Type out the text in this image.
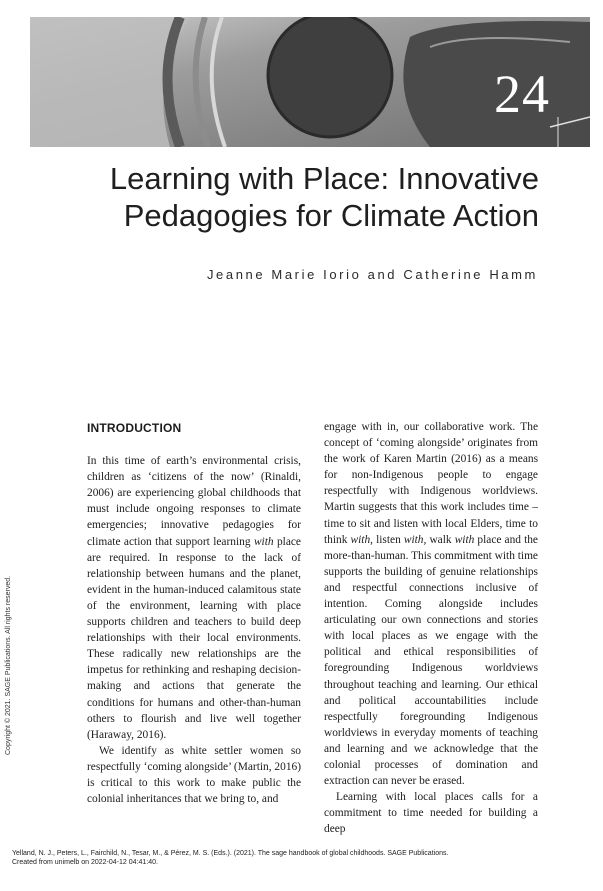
24
Learning with Place: Innovative
Pedagogies for Climate Action
Jeanne Marie Iorio and Catherine Hamm
INTRODUCTION

In this time of earth’s environmental crisis, children as ‘citizens of the now’ (Rinaldi, 2006) are experiencing global childhoods that must include ongoing responses to climate emergencies; innovative pedagogies for climate action that support learning with place are required. In response to the lack of relationship between humans and the planet, evident in the human-induced calamitous state of the environment, learning with place supports children and teachers to build deep relationships with their local environments. These radically new relationships are the impetus for rethinking and reshaping decision-making and actions that generate the conditions for humans and other-than-human others to flourish and live well together (Haraway, 2016).

We identify as white settler women so respectfully ‘coming alongside’ (Martin, 2016) is critical to this work to make public the colonial inheritances that we bring to, and

engage with in, our collaborative work. The concept of ‘coming alongside’ originates from the work of Karen Martin (2016) as a means for non-Indigenous people to engage respectfully with Indigenous worldviews. Martin suggests that this work includes time – time to sit and listen with local Elders, time to think with, listen with, walk with place and the more-than-human. This commitment with time supports the building of genuine relationships and respectful connections inclusive of intention. Coming alongside includes articulating our own connections and stories with local places as we engage with the political and ethical responsibilities of foregrounding Indigenous worldviews throughout teaching and learning. Our ethical and political accountabilities include respectfully foregrounding Indigenous worldviews in everyday moments of teaching and learning and we acknowledge that the colonial processes of domination and extraction can never be erased.

Learning with local places calls for a commitment to time needed for building a deep

Copyright © 2021. SAGE Publications. All rights reserved.
Yelland, N. J., Peters, L., Fairchild, N., Tesar, M., & Pérez, M. S. (Eds.). (2021). The sage handbook of global childhoods. SAGE Publications.
Created from unimelb on 2022-04-12 04:41:40.
